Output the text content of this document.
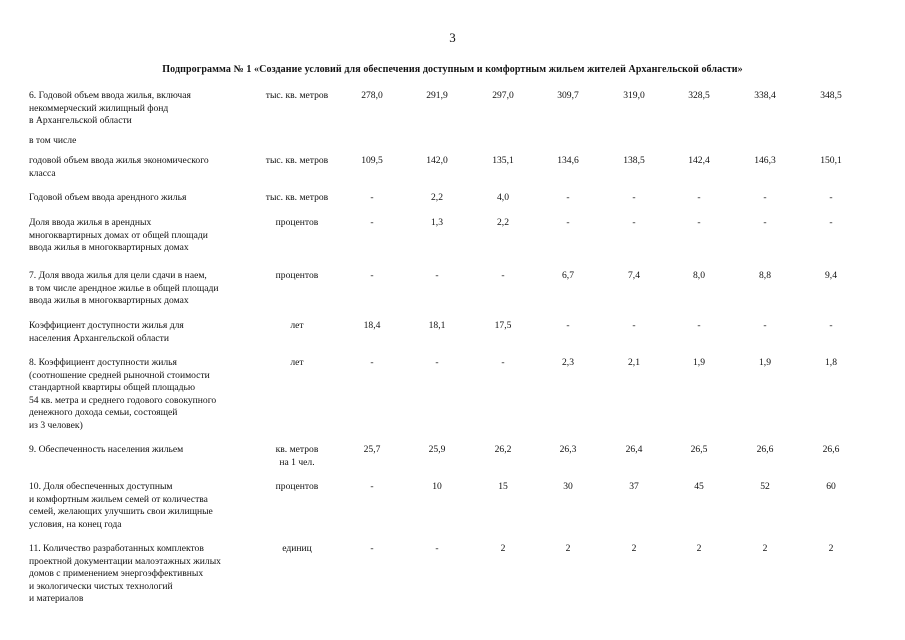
3
Подпрограмма № 1 «Создание условий для обеспечения доступным и комфортным жильем жителей Архангельской области»
6. Годовой объем ввода жилья, включая
некоммерческий жилищный фонд
в Архангельской области
тыс. кв. метров	278,0	291,9	297,0	309,7	319,0	328,5	338,4	348,5
в том числе
годовой объем ввода жилья экономического
класса
тыс. кв. метров	109,5	142,0	135,1	134,6	138,5	142,4	146,3	150,1
Годовой объем ввода арендного жилья	тыс. кв. метров	-	2,2	4,0	-	-	-	-	-
Доля ввода жилья в арендных
многоквартирных домах от общей площади
ввода жилья в многоквартирных домах
процентов	-	1,3	2,2	-	-	-	-	-
7. Доля ввода жилья для цели сдачи в наем,
в том числе арендное жилье в общей площади
ввода жилья в многоквартирных домах
процентов	-	-	-	6,7	7,4	8,0	8,8	9,4
Коэффициент доступности жилья для
населения Архангельской области
лет	18,4	18,1	17,5	-	-	-	-	-
8. Коэффициент доступности жилья
(соотношение средней рыночной стоимости
стандартной квартиры общей площадью
54 кв. метра и среднего годового совокупного
денежного дохода семьи, состоящей
из 3 человек)
лет	-	-	-	2,3	2,1	1,9	1,9	1,8
9. Обеспеченность населения жильем	кв. метров
на 1 чел.
25,7	25,9	26,2	26,3	26,4	26,5	26,6	26,6
10. Доля обеспеченных доступным
и комфортным жильем семей от количества
семей, желающих улучшить свои жилищные
условия, на конец года
процентов	-	10	15	30	37	45	52	60
11. Количество разработанных комплектов
проектной документации малоэтажных жилых
домов с применением энергоэффективных
и экологически чистых технологий
и материалов
единиц	-	-	2	2	2	2	2	2
